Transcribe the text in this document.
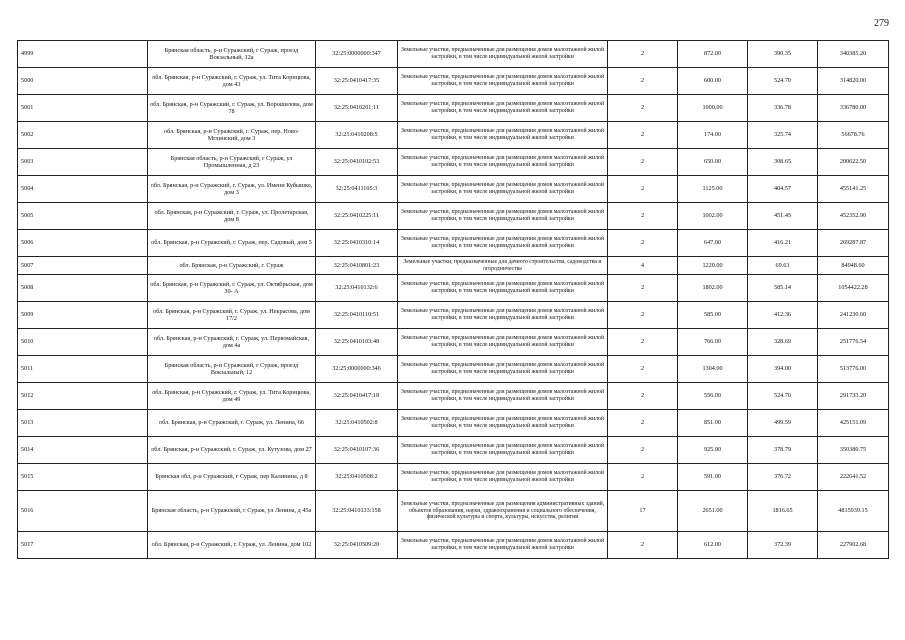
279
4999	Брянская область, р-н Суражский, г Сураж, проезд Вокзальный, 12а	32:25:0000000:347	Земельные участки, предназначенные для размещения домов малоэтажной жилой застройки, в том числе индивидуальной жилой застройки	2	872.00	390.35	340385.20
5000	обл. Брянская, р-н Суражский, г. Сураж, ул. Тита Корнцюва, дом 43	32:25:0410417:35	Земельные участки, предназначенные для размещения домов малоэтажной жилой застройки, в том числе индивидуальной жилой застройки	2	600.00	524.70	314820.00
5001	обл. Брянская, р-н Суражский, г. Сураж, ул. Ворошилова, дом 78	32:25:0410201:11	Земельные участки, предназначенные для размещения домов малоэтажной жилой застройки, в том числе индивидуальной жилой застройки	2	1000.00	336.78	336780.00
5002	обл. Брянская, р-н Суражский, г. Сураж, пер. Ново-Мглинский, дом 3	32:25:0410208:5	Земельные участки, предназначенные для размещения домов малоэтажной жилой застройки, в том числе индивидуальной жилой застройки	2	174.00	325.74	56678.76
5003	Брянская область, р-н Суражский, г Сураж, ул Промышленная, д 23	32:25:0410102:53	Земельные участки, предназначенные для размещения домов малоэтажной жилой застройки, в том числе индивидуальной жилой застройки	2	650.00	308.65	200622.50
5004	обл. Брянская, р-н Суражский, г. Сураж, ул. Имени Кубышко, дом 3	32:25:0411105:3	Земельные участки, предназначенные для размещения домов малоэтажной жилой застройки, в том числе индивидуальной жилой застройки	2	1125.00	404.57	455141.25
5005	обл. Брянская, р-н Суражский, г. Сураж, ул. Пролетарская, дом 8	32:25:0410225:11	Земельные участки, предназначенные для размещения домов малоэтажной жилой застройки, в том числе индивидуальной жилой застройки	2	1002.00	451.45	452352.90
5006	обл. Брянская, р-н Суражский, г. Сураж, пер. Садовый, дом 5	32:25:0410310:14	Земельные участки, предназначенные для размещения домов малоэтажной жилой застройки, в том числе индивидуальной жилой застройки	2	647.00	416.21	269287.87
5007	обл. Брянская, р-н Суражский, г. Сураж	32:25:0410801:23	Земельные участки, предназначенные для дачного строительства, садоводства и огородничества	4	1220.00	69.63	84948.60
5008	обл. Брянская, р-н Суражский, г. Сураж, ул. Октябрьская, дом 30- А	32:25:0410132:6	Земельные участки, предназначенные для размещения домов малоэтажной жилой застройки, в том числе индивидуальной жилой застройки	2	1802.00	585.14	1054422.28
5009	обл. Брянская, р-н Суражский, г. Сураж, ул. Некрасова, дом 17/2	32:25:0410110:51	Земельные участки, предназначенные для размещения домов малоэтажной жилой застройки, в том числе индивидуальной жилой застройки	2	585.00	412.36	241230.60
5010	обл. Брянская, р-н Суражский, г. Сураж, ул. Первомайская, дом 4а	32:25:0410103:48	Земельные участки, предназначенные для размещения домов малоэтажной жилой застройки, в том числе индивидуальной жилой застройки	2	766.00	328.69	251776.54
5011	Брянская область, р-н Суражский, г Сураж, проезд Вокзальный, 12	32:25:0000000:346	Земельные участки, предназначенные для размещения домов малоэтажной жилой застройки, в том числе индивидуальной жилой застройки	2	1304.00	394.00	513776.00
5012	обл. Брянская, р-н Суражский, г. Сураж, ул. Тита Корнцюва, дом 49	32:25:0410417:18	Земельные участки, предназначенные для размещения домов малоэтажной жилой застройки, в том числе индивидуальной жилой застройки	2	556.00	524.70	291733.20
5013	обл. Брянская, р-н Суражский, г. Сураж, ул. Ленина, 66	32:25:0410502:8	Земельные участки, предназначенные для размещения домов малоэтажной жилой застройки, в том числе индивидуальной жилой застройки	2	851.00	499.59	425151.09
5014	обл. Брянская, р-н Суражский, г. Сураж, ул. Кутузова, дом 27	32:25:0410107:36	Земельные участки, предназначенные для размещения домов малоэтажной жилой застройки, в том числе индивидуальной жилой застройки	2	925.00	378.79	350380.75
5015	Брянская обл, р-н Суражский, г Сураж, пер Калинина, д 8	32:25:0410508:2	Земельные участки, предназначенные для размещения домов малоэтажной жилой застройки, в том числе индивидуальной жилой застройки	2	591.00	376.72	222641.52
5016	Брянская область, р-н Суражский, г Сураж, ул Ленина, д 45а	32:25:0410133:158	Земельные участки, предназначенные для размещения административных зданий, объектов образования, науки, здравоохранения и социального обеспечения, физической культуры и спорта, культуры, искусства, религии	17	2651.00	1816.65	4815939.15
5017	обл. Брянская, р-н Суражский, г. Сураж, ул. Ленина, дом 102	32:25:0410509:20	Земельные участки, предназначенные для размещения домов малоэтажной жилой застройки, в том числе индивидуальной жилой застройки	2	612.00	372.39	227902.68
